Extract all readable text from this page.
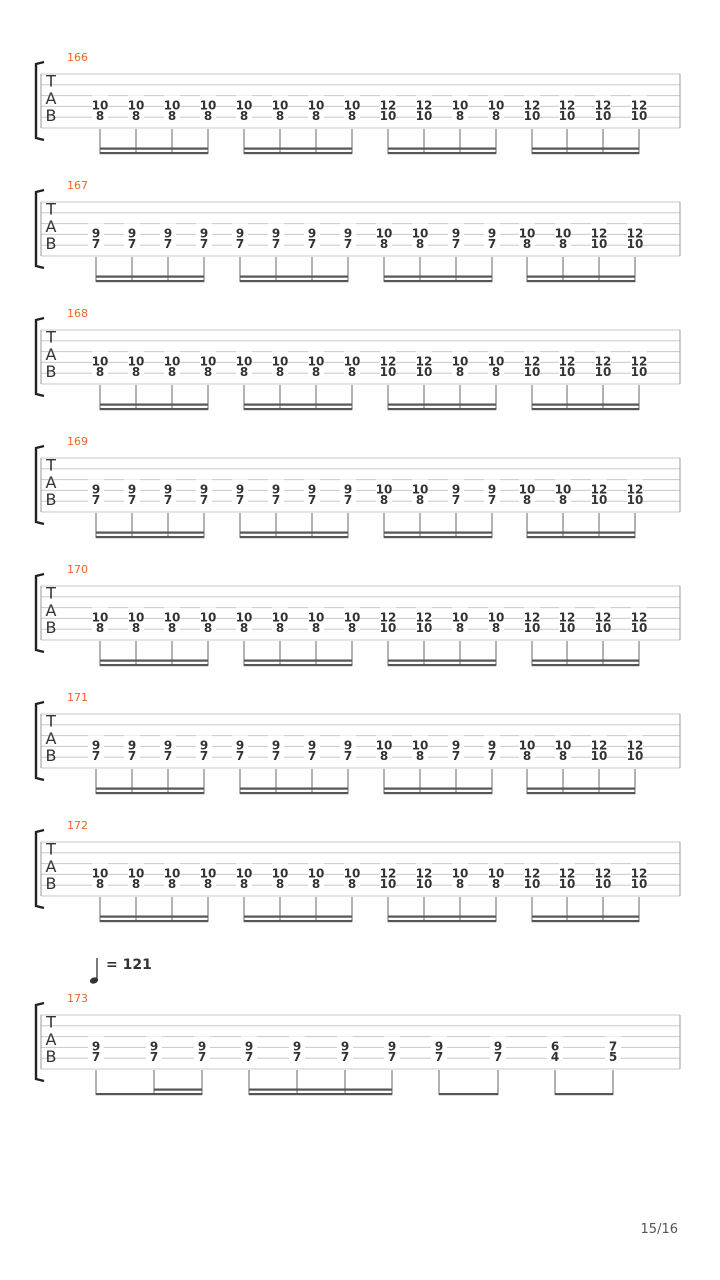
166
T
A
B
10
8
10
8
10
8
10
8
10
8
10
8
10
8
10
8
12
10
12
10
10
8
10
8
12
10
12
10
12
10
12
10
167
T
A
B
9
7
9
7
9
7
9
7
9
7
9
7
9
7
9
7
10
8
10
8
9
7
9
7
10
8
10
8
12
10
12
10
168
T
A
B
10
8
10
8
10
8
10
8
10
8
10
8
10
8
10
8
12
10
12
10
10
8
10
8
12
10
12
10
12
10
12
10
169
T
A
B
9
7
9
7
9
7
9
7
9
7
9
7
9
7
9
7
10
8
10
8
9
7
9
7
10
8
10
8
12
10
12
10
170
T
A
B
10
8
10
8
10
8
10
8
10
8
10
8
10
8
10
8
12
10
12
10
10
8
10
8
12
10
12
10
12
10
12
10
171
T
A
B
9
7
9
7
9
7
9
7
9
7
9
7
9
7
9
7
10
8
10
8
9
7
9
7
10
8
10
8
12
10
12
10
172
T
A
B
10
8
10
8
10
8
10
8
10
8
10
8
10
8
10
8
12
10
12
10
10
8
10
8
12
10
12
10
12
10
12
10
173
T
A
B
9
7
9
7
9
7
9
7
9
7
9
7
9
7
9
7
9
7
6
4
7
5
= 121
15/16
